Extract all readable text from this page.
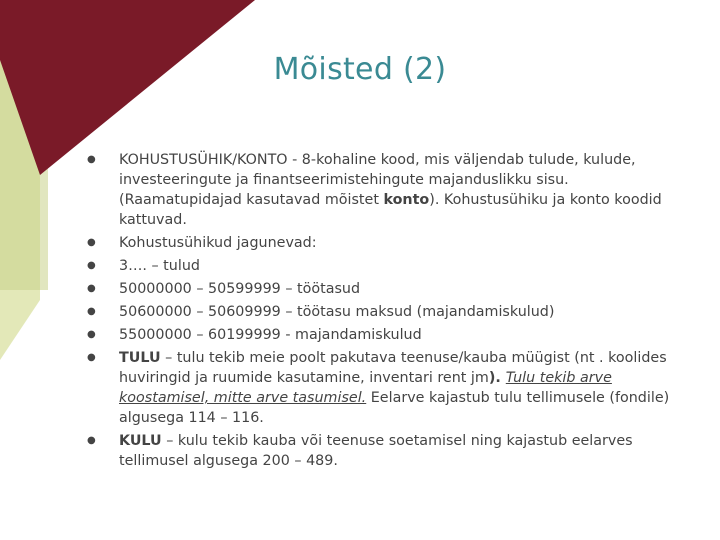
Mõisted (2)
● KOHUSTUSÜHIK/KONTO - 8-kohaline kood, mis väljendab tulude, kulude, investeeringute ja finantseerimistehingute majanduslikku sisu. (Raamatupidajad kasutavad mõistet konto). Kohustusühiku ja konto koodid kattuvad.
● Kohustusühikud jagunevad:
● 3…. – tulud
● 50000000 – 50599999 – töötasud
● 50600000 – 50609999 – töötasu maksud (majandamiskulud)
● 55000000 – 60199999 - majandamiskulud
● TULU – tulu tekib meie poolt pakutava teenuse/kauba müügist (nt . koolides huviringid ja ruumide kasutamine, inventari rent jm). Tulu tekib arve koostamisel, mitte arve tasumisel. Eelarve kajastub tulu tellimusele (fondile) algusega 114 – 116.
● KULU – kulu tekib kauba või teenuse soetamisel ning kajastub eelarves tellimusel algusega 200 – 489.
